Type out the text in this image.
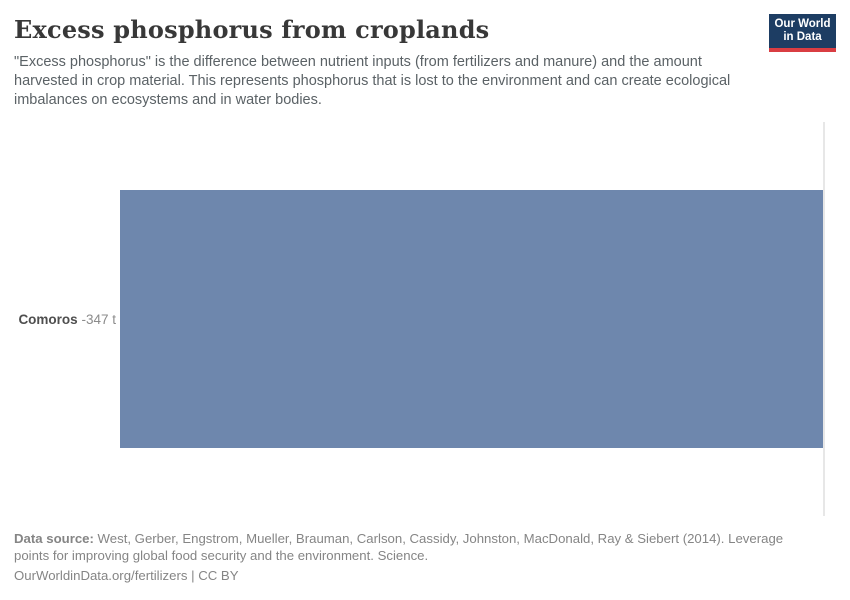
Excess phosphorus from croplands

"Excess phosphorus" is the difference between nutrient inputs (from fertilizers and manure) and the amount harvested in crop material. This represents phosphorus that is lost to the environment and can create ecological imbalances on ecosystems and in water bodies.

Our World
in Data
Comoros -347 t
Data source: West, Gerber, Engstrom, Mueller, Brauman, Carlson, Cassidy, Johnston, MacDonald, Ray & Siebert (2014). Leverage points for improving global food security and the environment. Science.
OurWorldinData.org/fertilizers | CC BY
